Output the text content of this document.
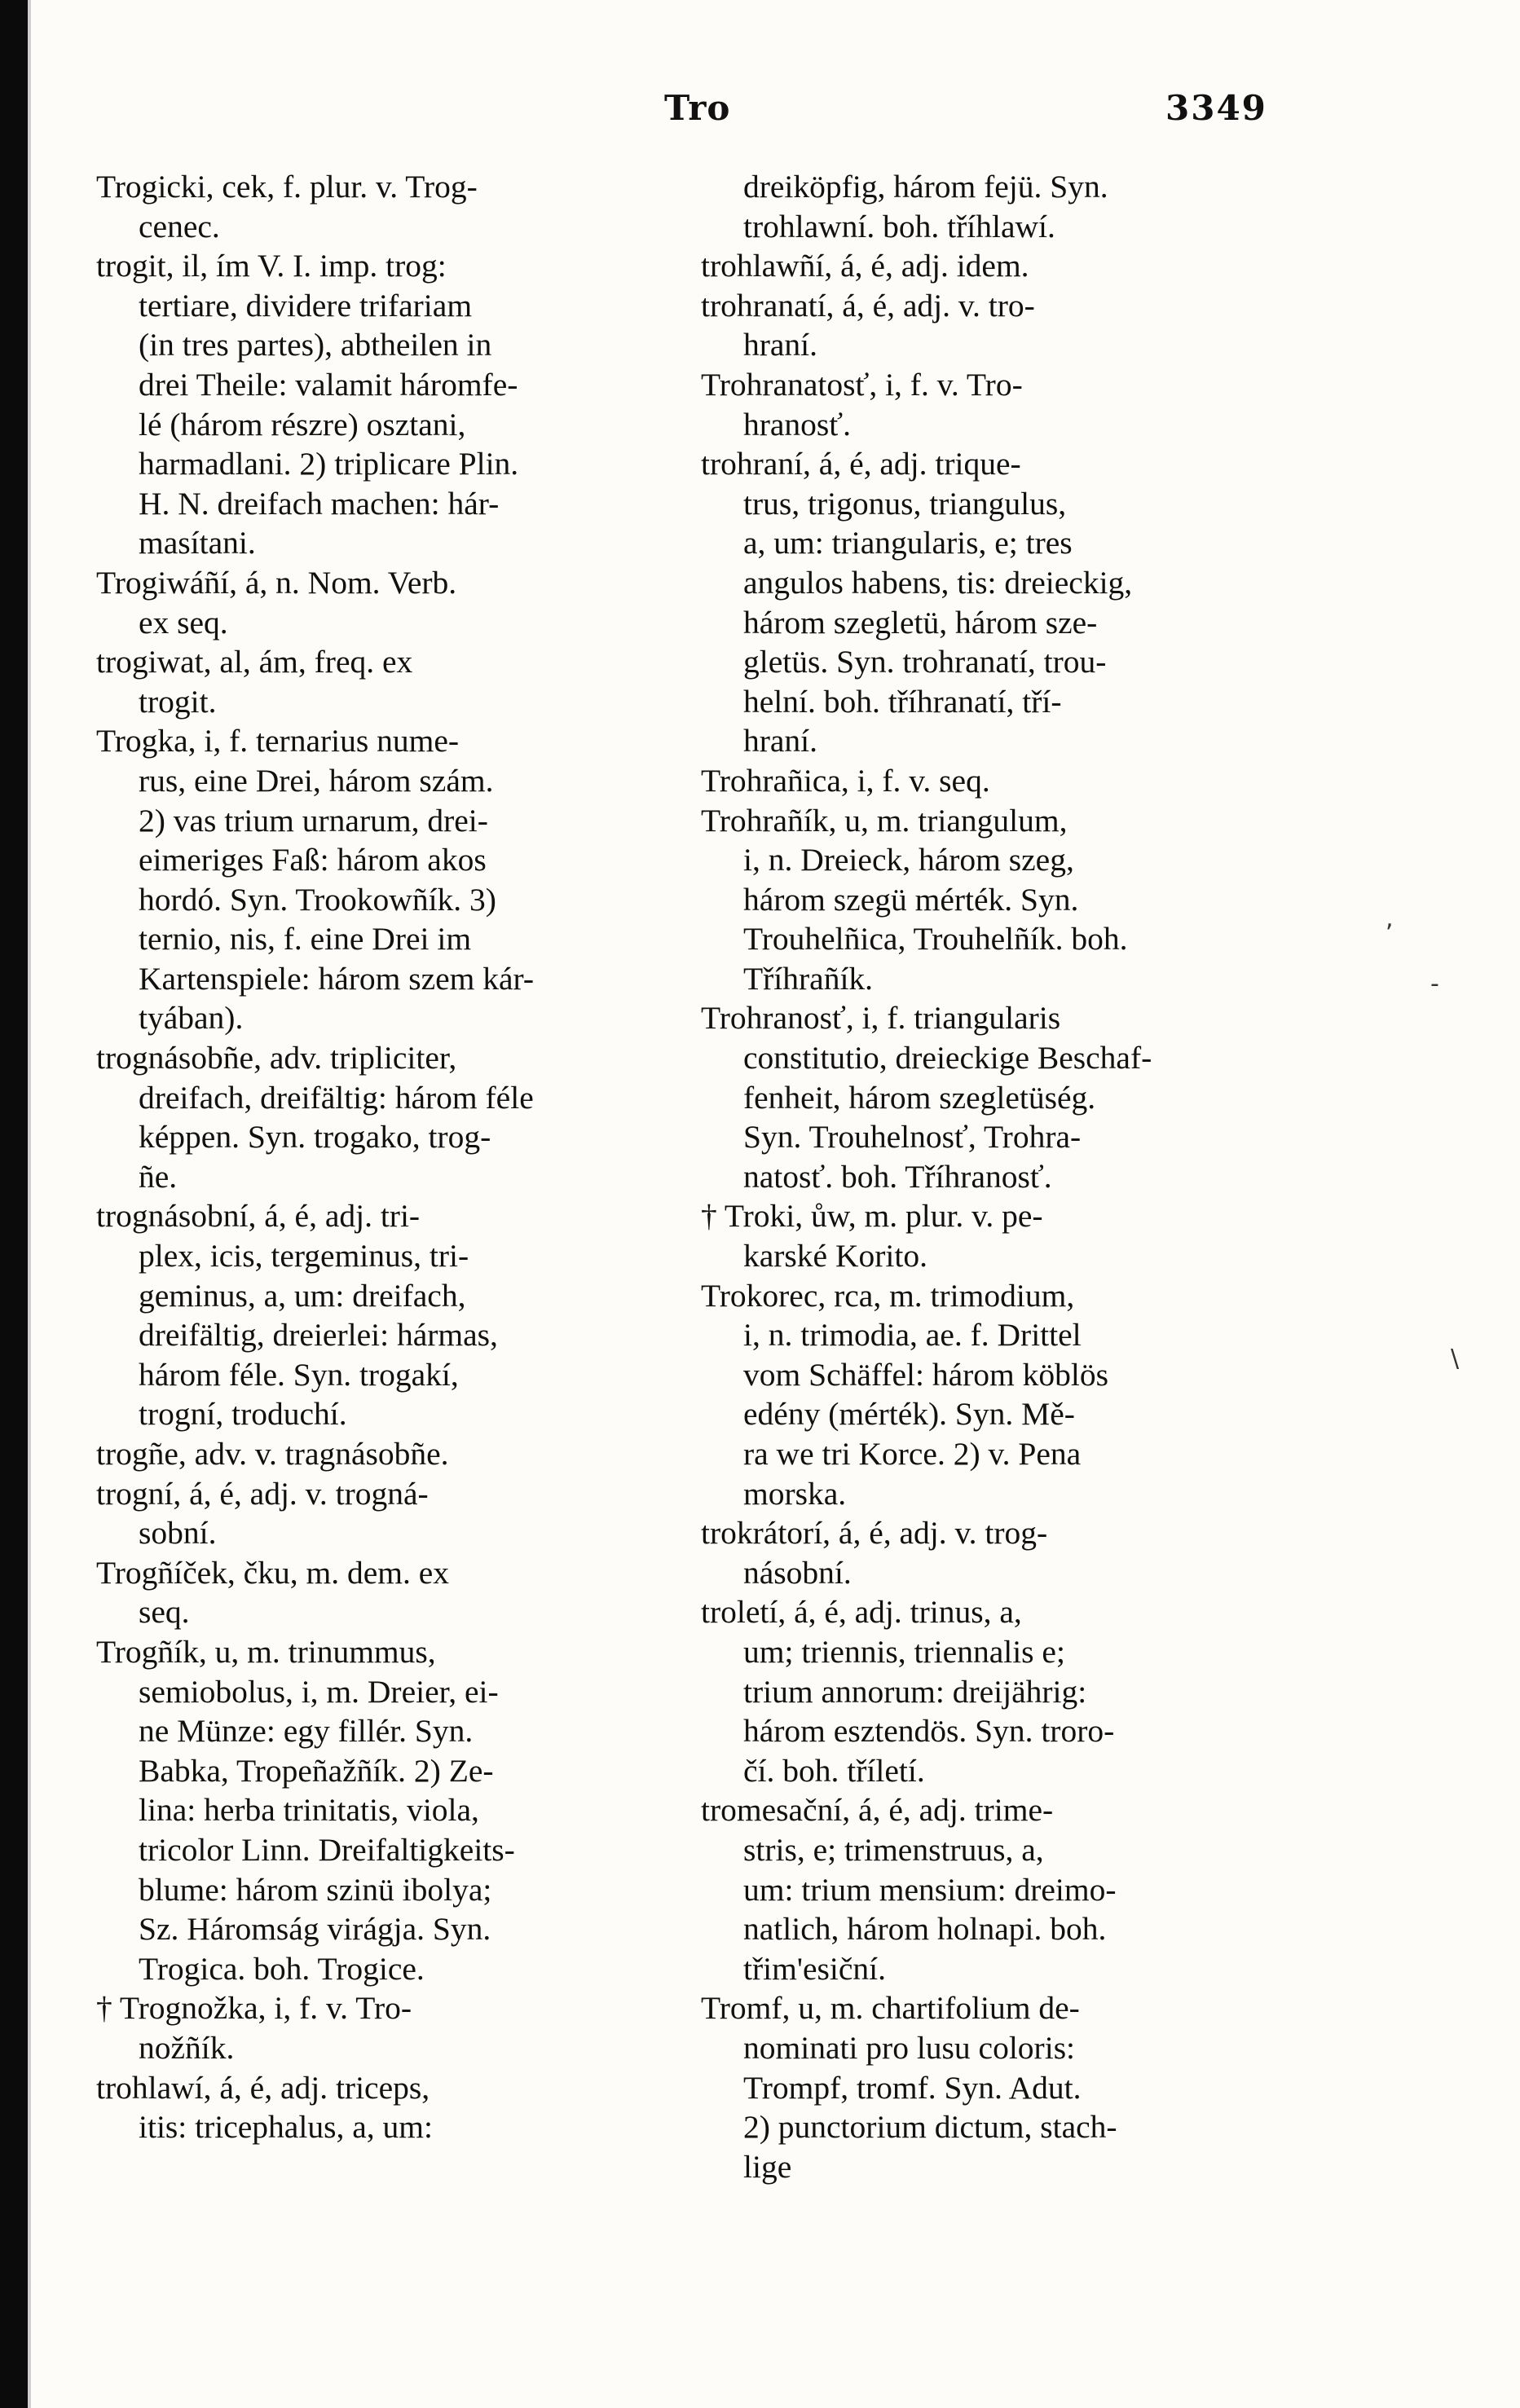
Tro	3349
Trogicki, cek, f. plur. v. Trog-
cenec.
trogit, il, ím V. I. imp. trog:
tertiare, dividere trifariam
(in tres partes), abtheilen in
drei Theile: valamit háromfe-
lé (három részre) osztani,
harmadlani. 2) triplicare Plin.
H. N. dreifach machen: hár-
masítani.
Trogiwáñí, á, n. Nom. Verb.
ex seq.
trogiwat, al, ám, freq. ex
trogit.
Trogka, i, f. ternarius nume-
rus, eine Drei, három szám.
2) vas trium urnarum, drei-
eimeriges Faß: három akos
hordó. Syn. Trookowñík. 3)
ternio, nis, f. eine Drei im
Kartenspiele: három szem kár-
tyában).
trognásobñe, adv. tripliciter,
dreifach, dreifältig: három féle
képpen. Syn. trogako, trog-
ñe.
trognásobní, á, é, adj. tri-
plex, icis, tergeminus, tri-
geminus, a, um: dreifach,
dreifältig, dreierlei: hármas,
három féle. Syn. trogakí,
trogní, troduchí.
trogñe, adv. v. tragnásobñe.
trogní, á, é, adj. v. trogná-
sobní.
Trogñíček, čku, m. dem. ex
seq.
Trogñík, u, m. trinummus,
semiobolus, i, m. Dreier, ei-
ne Münze: egy fillér. Syn.
Babka, Tropeñažñík. 2) Ze-
lina: herba trinitatis, viola,
tricolor Linn. Dreifaltigkeits-
blume: három szinü ibolya;
Sz. Háromság virágja. Syn.
Trogica. boh. Trogice.
† Trognožka, i, f. v. Tro-
nožñík.
trohlawí, á, é, adj. triceps,
itis: tricephalus, a, um:
dreiköpfig, három fejü. Syn.
trohlawní. boh. tříhlawí.
trohlawñí, á, é, adj. idem.
trohranatí, á, é, adj. v. tro-
hraní.
Trohranatosť, i, f. v. Tro-
hranosť.
trohraní, á, é, adj. trique-
trus, trigonus, triangulus,
a, um: triangularis, e; tres
angulos habens, tis: dreieckig,
három szegletü, három sze-
gletüs. Syn. trohranatí, trou-
helní. boh. tříhranatí, tří-
hraní.
Trohrañica, i, f. v. seq.
Trohrañík, u, m. triangulum,
i, n. Dreieck, három szeg,
három szegü mérték. Syn.
Trouhelñica, Trouhelñík. boh.
Tříhrañík.
Trohranosť, i, f. triangularis
constitutio, dreieckige Beschaf-
fenheit, három szegletüség.
Syn. Trouhelnosť, Trohra-
natosť. boh. Tříhranosť.
† Troki, ůw, m. plur. v. pe-
karské Korito.
Trokorec, rca, m. trimodium,
i, n. trimodia, ae. f. Drittel
vom Schäffel: három köblös
edény (mérték). Syn. Mě-
ra we tri Korce. 2) v. Pena
morska.
trokrátorí, á, é, adj. v. trog-
násobní.
troletí, á, é, adj. trinus, a,
um; triennis, triennalis e;
trium annorum: dreijährig:
három esztendös. Syn. troro-
čí. boh. tříletí.
tromesační, á, é, adj. trime-
stris, e; trimenstruus, a,
um: trium mensium: dreimo-
natlich, három holnapi. boh.
třim'esiční.
Tromf, u, m. chartifolium de-
nominati pro lusu coloris:
Trompf, tromf. Syn. Adut.
2) punctorium dictum, stach-
lige
,
-
\
